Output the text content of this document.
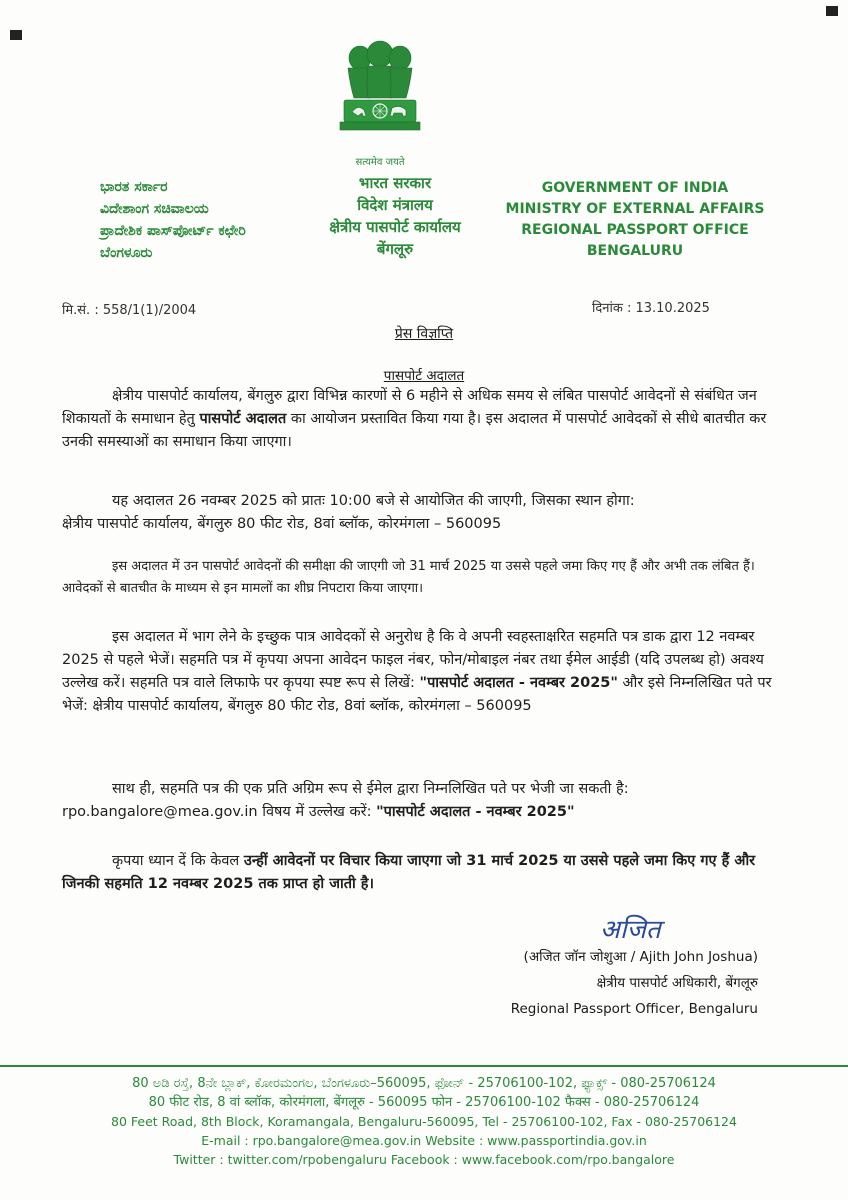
सत्यमेव जयते
ಭಾರತ ಸರ್ಕಾರ
ವಿದೇಶಾಂಗ ಸಚಿವಾಲಯ
ಪ್ರಾದೇಶಿಕ ಪಾಸ್‌ಪೋರ್ಟ್ ಕಛೇರಿ
ಬೆಂಗಳೂರು
भारत सरकार
विदेश मंत्रालय
क्षेत्रीय पासपोर्ट कार्यालय
बेंगलूरु
GOVERNMENT OF INDIA
MINISTRY OF EXTERNAL AFFAIRS
REGIONAL PASSPORT OFFICE
BENGALURU
मि.सं. : 558/1(1)/2004	दिनांक : 13.10.2025
प्रेस विज्ञप्ति
पासपोर्ट अदालत
क्षेत्रीय पासपोर्ट कार्यालय, बेंगलुरु द्वारा विभिन्न कारणों से 6 महीने से अधिक समय से लंबित पासपोर्ट आवेदनों से संबंधित जन शिकायतों के समाधान हेतु पासपोर्ट अदालत का आयोजन प्रस्तावित किया गया है। इस अदालत में पासपोर्ट आवेदकों से सीधे बातचीत कर उनकी समस्याओं का समाधान किया जाएगा।
यह अदालत 26 नवम्बर 2025 को प्रातः 10:00 बजे से आयोजित की जाएगी, जिसका स्थान होगा:
क्षेत्रीय पासपोर्ट कार्यालय, बेंगलुरु 80 फीट रोड, 8वां ब्लॉक, कोरमंगला – 560095
इस अदालत में उन पासपोर्ट आवेदनों की समीक्षा की जाएगी जो 31 मार्च 2025 या उससे पहले जमा किए गए हैं और अभी तक लंबित हैं। आवेदकों से बातचीत के माध्यम से इन मामलों का शीघ्र निपटारा किया जाएगा।
इस अदालत में भाग लेने के इच्छुक पात्र आवेदकों से अनुरोध है कि वे अपनी स्वहस्ताक्षरित सहमति पत्र डाक द्वारा 12 नवम्बर 2025 से पहले भेजें। सहमति पत्र में कृपया अपना आवेदन फाइल नंबर, फोन/मोबाइल नंबर तथा ईमेल आईडी (यदि उपलब्ध हो) अवश्य उल्लेख करें। सहमति पत्र वाले लिफाफे पर कृपया स्पष्ट रूप से लिखें: "पासपोर्ट अदालत - नवम्बर 2025" और इसे निम्नलिखित पते पर भेजें: क्षेत्रीय पासपोर्ट कार्यालय, बेंगलुरु 80 फीट रोड, 8वां ब्लॉक, कोरमंगला – 560095
साथ ही, सहमति पत्र की एक प्रति अग्रिम रूप से ईमेल द्वारा निम्नलिखित पते पर भेजी जा सकती है:
rpo.bangalore@mea.gov.in विषय में उल्लेख करें: "पासपोर्ट अदालत - नवम्बर 2025"
कृपया ध्यान दें कि केवल उन्हीं आवेदनों पर विचार किया जाएगा जो 31 मार्च 2025 या उससे पहले जमा किए गए हैं और जिनकी सहमति 12 नवम्बर 2025 तक प्राप्त हो जाती है।
अजित
(अजित जॉन जोशुआ / Ajith John Joshua)
क्षेत्रीय पासपोर्ट अधिकारी, बेंगलूरु
Regional Passport Officer, Bengaluru
80 ಅಡಿ ರಸ್ತೆ, 8ನೇ ಬ್ಲಾಕ್, ಕೋರಮಂಗಲ, ಬೆಂಗಳೂರು–560095, ಫೋನ್ - 25706100-102, ಫ್ಯಾಕ್ಸ್ - 080-25706124
80 फीट रोड, 8 वां ब्लॉक, कोरमंगला, बेंगलूरु - 560095 फोन - 25706100-102 फैक्स - 080-25706124
80 Feet Road, 8th Block, Koramangala, Bengaluru-560095, Tel - 25706100-102, Fax - 080-25706124
E-mail : rpo.bangalore@mea.gov.in Website : www.passportindia.gov.in
Twitter : twitter.com/rpobengaluru Facebook : www.facebook.com/rpo.bangalore
